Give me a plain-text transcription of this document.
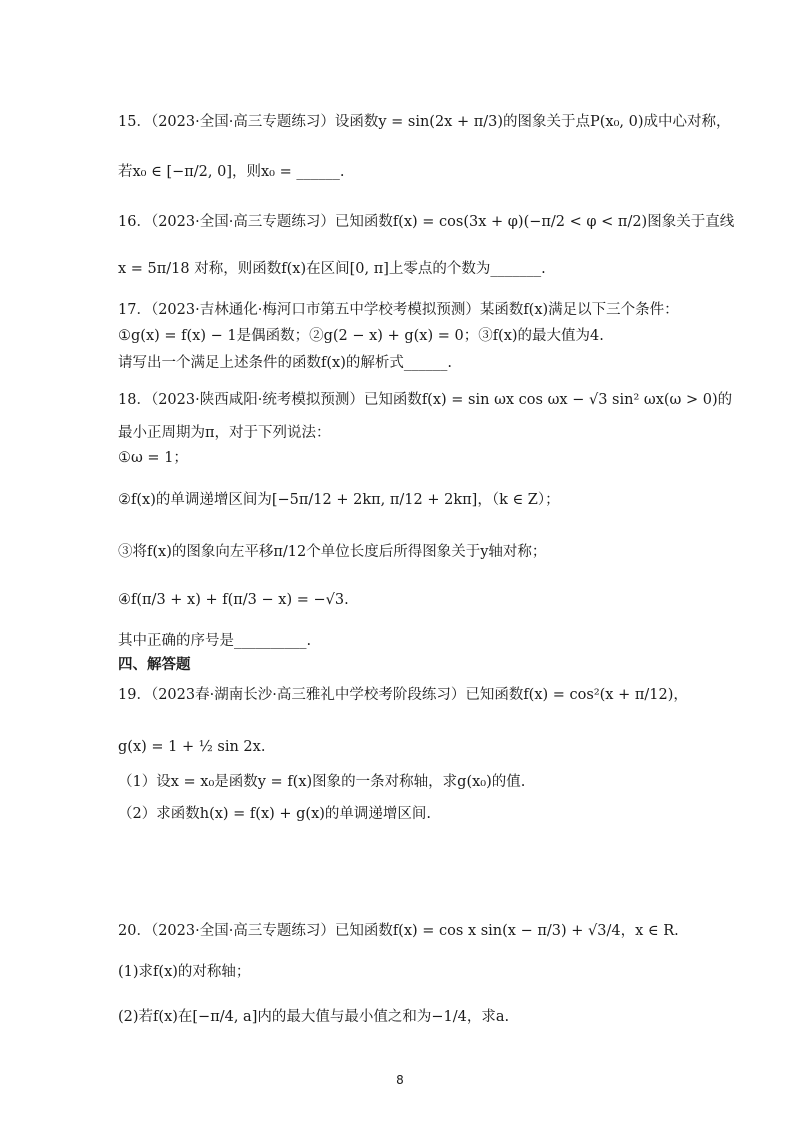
15．（2023·全国·高三专题练习）设函数y = sin(2x + π/3)的图象关于点P(x₀, 0)成中心对称，
若x₀ ∈ [−π/2, 0]，则x₀ = ______.
16．（2023·全国·高三专题练习）已知函数f(x) = cos(3x + φ)(−π/2 < φ < π/2)图象关于直线
x = 5π/18 对称，则函数f(x)在区间[0, π]上零点的个数为_______.
17．（2023·吉林通化·梅河口市第五中学校考模拟预测）某函数f(x)满足以下三个条件：
①g(x) = f(x) − 1是偶函数；②g(2 − x) + g(x) = 0；③f(x)的最大值为4.
请写出一个满足上述条件的函数f(x)的解析式______.
18．（2023·陕西咸阳·统考模拟预测）已知函数f(x) = sin ωx cos ωx − √3 sin² ωx(ω > 0)的
最小正周期为π，对于下列说法：
①ω = 1；
②f(x)的单调递增区间为[−5π/12 + 2kπ, π/12 + 2kπ]，（k ∈ Z）；
③将f(x)的图象向左平移π/12个单位长度后所得图象关于y轴对称；
④f(π/3 + x) + f(π/3 − x) = −√3.
其中正确的序号是__________.
四、解答题
19．（2023春·湖南长沙·高三雅礼中学校考阶段练习）已知函数f(x) = cos²(x + π/12)，
g(x) = 1 + ½ sin 2x.
（1）设x = x₀是函数y = f(x)图象的一条对称轴，求g(x₀)的值.
（2）求函数h(x) = f(x) + g(x)的单调递增区间.
20．（2023·全国·高三专题练习）已知函数f(x) = cos x sin(x − π/3) + √3/4，x ∈ R.
(1)求f(x)的对称轴；
(2)若f(x)在[−π/4, a]内的最大值与最小值之和为−1/4，求a.
8
